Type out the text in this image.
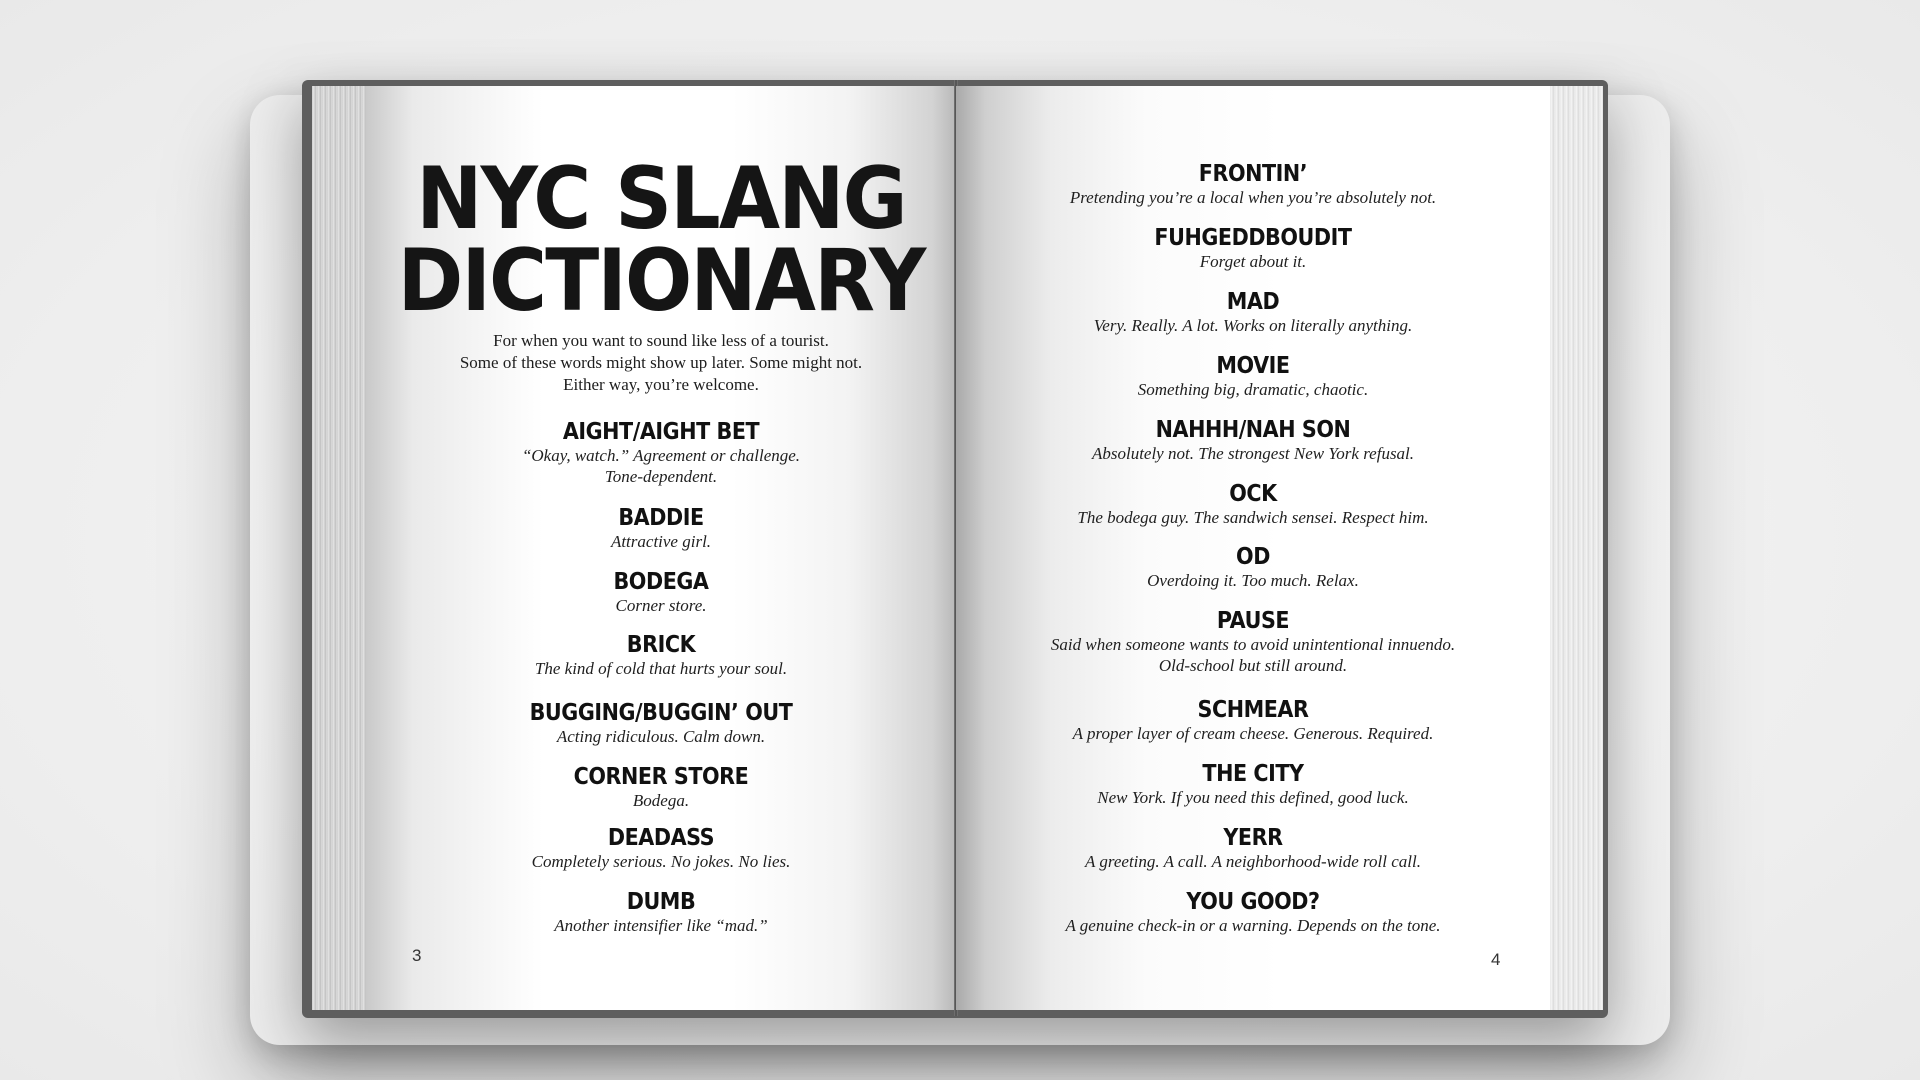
NYC SLANG
DICTIONARY
For when you want to sound like less of a tourist.
Some of these words might show up later. Some might not.
Either way, you’re welcome.
AIGHT/AIGHT BET
“Okay, watch.” Agreement or challenge.
Tone-dependent.
BADDIE
Attractive girl.
BODEGA
Corner store.
BRICK
The kind of cold that hurts your soul.
BUGGING/BUGGIN’ OUT
Acting ridiculous. Calm down.
CORNER STORE
Bodega.
DEADASS
Completely serious. No jokes. No lies.
DUMB
Another intensifier like “mad.”
3
FRONTIN’
Pretending you’re a local when you’re absolutely not.
FUHGEDDBOUDIT
Forget about it.
MAD
Very. Really. A lot. Works on literally anything.
MOVIE
Something big, dramatic, chaotic.
NAHHH/NAH SON
Absolutely not. The strongest New York refusal.
OCK
The bodega guy. The sandwich sensei. Respect him.
OD
Overdoing it. Too much. Relax.
PAUSE
Said when someone wants to avoid unintentional innuendo.
Old-school but still around.
SCHMEAR
A proper layer of cream cheese. Generous. Required.
THE CITY
New York. If you need this defined, good luck.
YERR
A greeting. A call. A neighborhood-wide roll call.
YOU GOOD?
A genuine check-in or a warning. Depends on the tone.
4
